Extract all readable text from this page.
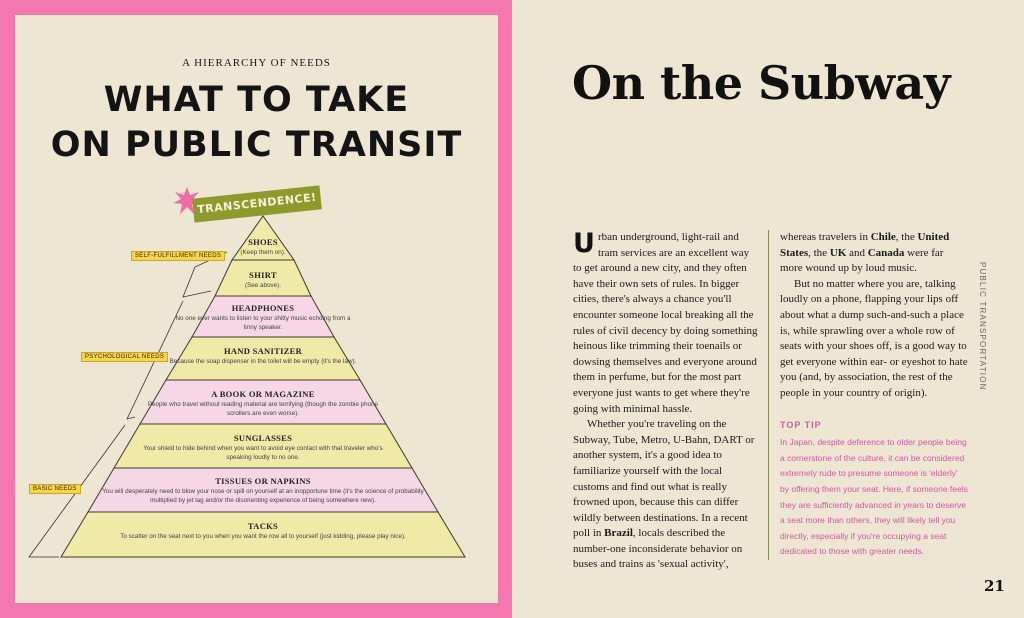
A HIERARCHY OF NEEDS
WHAT TO TAKE
ON PUBLIC TRANSIT
TRANSCENDENCE!
SELF-FULFILLMENT NEEDS
PSYCHOLOGICAL NEEDS
BASIC NEEDS
SHOES
(Keep them on).
SHIRT
(See above).
HEADPHONES
No one ever wants to listen to your shitty music echoing from a tinny speaker.
HAND SANITIZER
Because the soap dispenser in the toilet will be empty (it's the law).
A BOOK OR MAGAZINE
People who travel without reading material are terrifying (though the zombie phone scrollers are even worse).
SUNGLASSES
Your shield to hide behind when you want to avoid eye contact with that traveler who's speaking loudly to no one.
TISSUES OR NAPKINS
You will desperately need to blow your nose or spill on yourself at an inopportune time (it's the science of probability multiplied by jet lag and/or the disorienting experience of being somewhere new).
TACKS
To scatter on the seat next to you when you want the row all to yourself (just kidding, please play nice).
On the Subway

Urban underground, light-rail and tram services are an excellent way to get around a new city, and they often have their own sets of rules. In bigger cities, there's always a chance you'll encounter someone local breaking all the rules of civil decency by doing something heinous like trimming their toenails or dowsing themselves and everyone around them in perfume, but for the most part everyone just wants to get where they're going with minimal hassle.

Whether you're traveling on the Subway, Tube, Metro, U-Bahn, DART or another system, it's a good idea to familiarize yourself with the local customs and find out what is really frowned upon, because this can differ wildly between destinations. In a recent poll in Brazil, locals described the number-one inconsiderate behavior on buses and trains as 'sexual activity',

whereas travelers in Chile, the United States, the UK and Canada were far more wound up by loud music.

But no matter where you are, talking loudly on a phone, flapping your lips off about what a dump such-and-such a place is, while sprawling over a whole row of seats with your shoes off, is a good way to get everyone within ear- or eyeshot to hate you (and, by association, the rest of the people in your country of origin).

TOP TIP
In Japan, despite deference to older people being a cornerstone of the culture, it can be considered extremely rude to presume someone is 'elderly' by offering them your seat. Here, if someone feels they are sufficiently advanced in years to deserve a seat more than others, they will likely tell you directly, especially if you're occupying a seat dedicated to those with greater needs.
PUBLIC TRANSPORTATION
21
